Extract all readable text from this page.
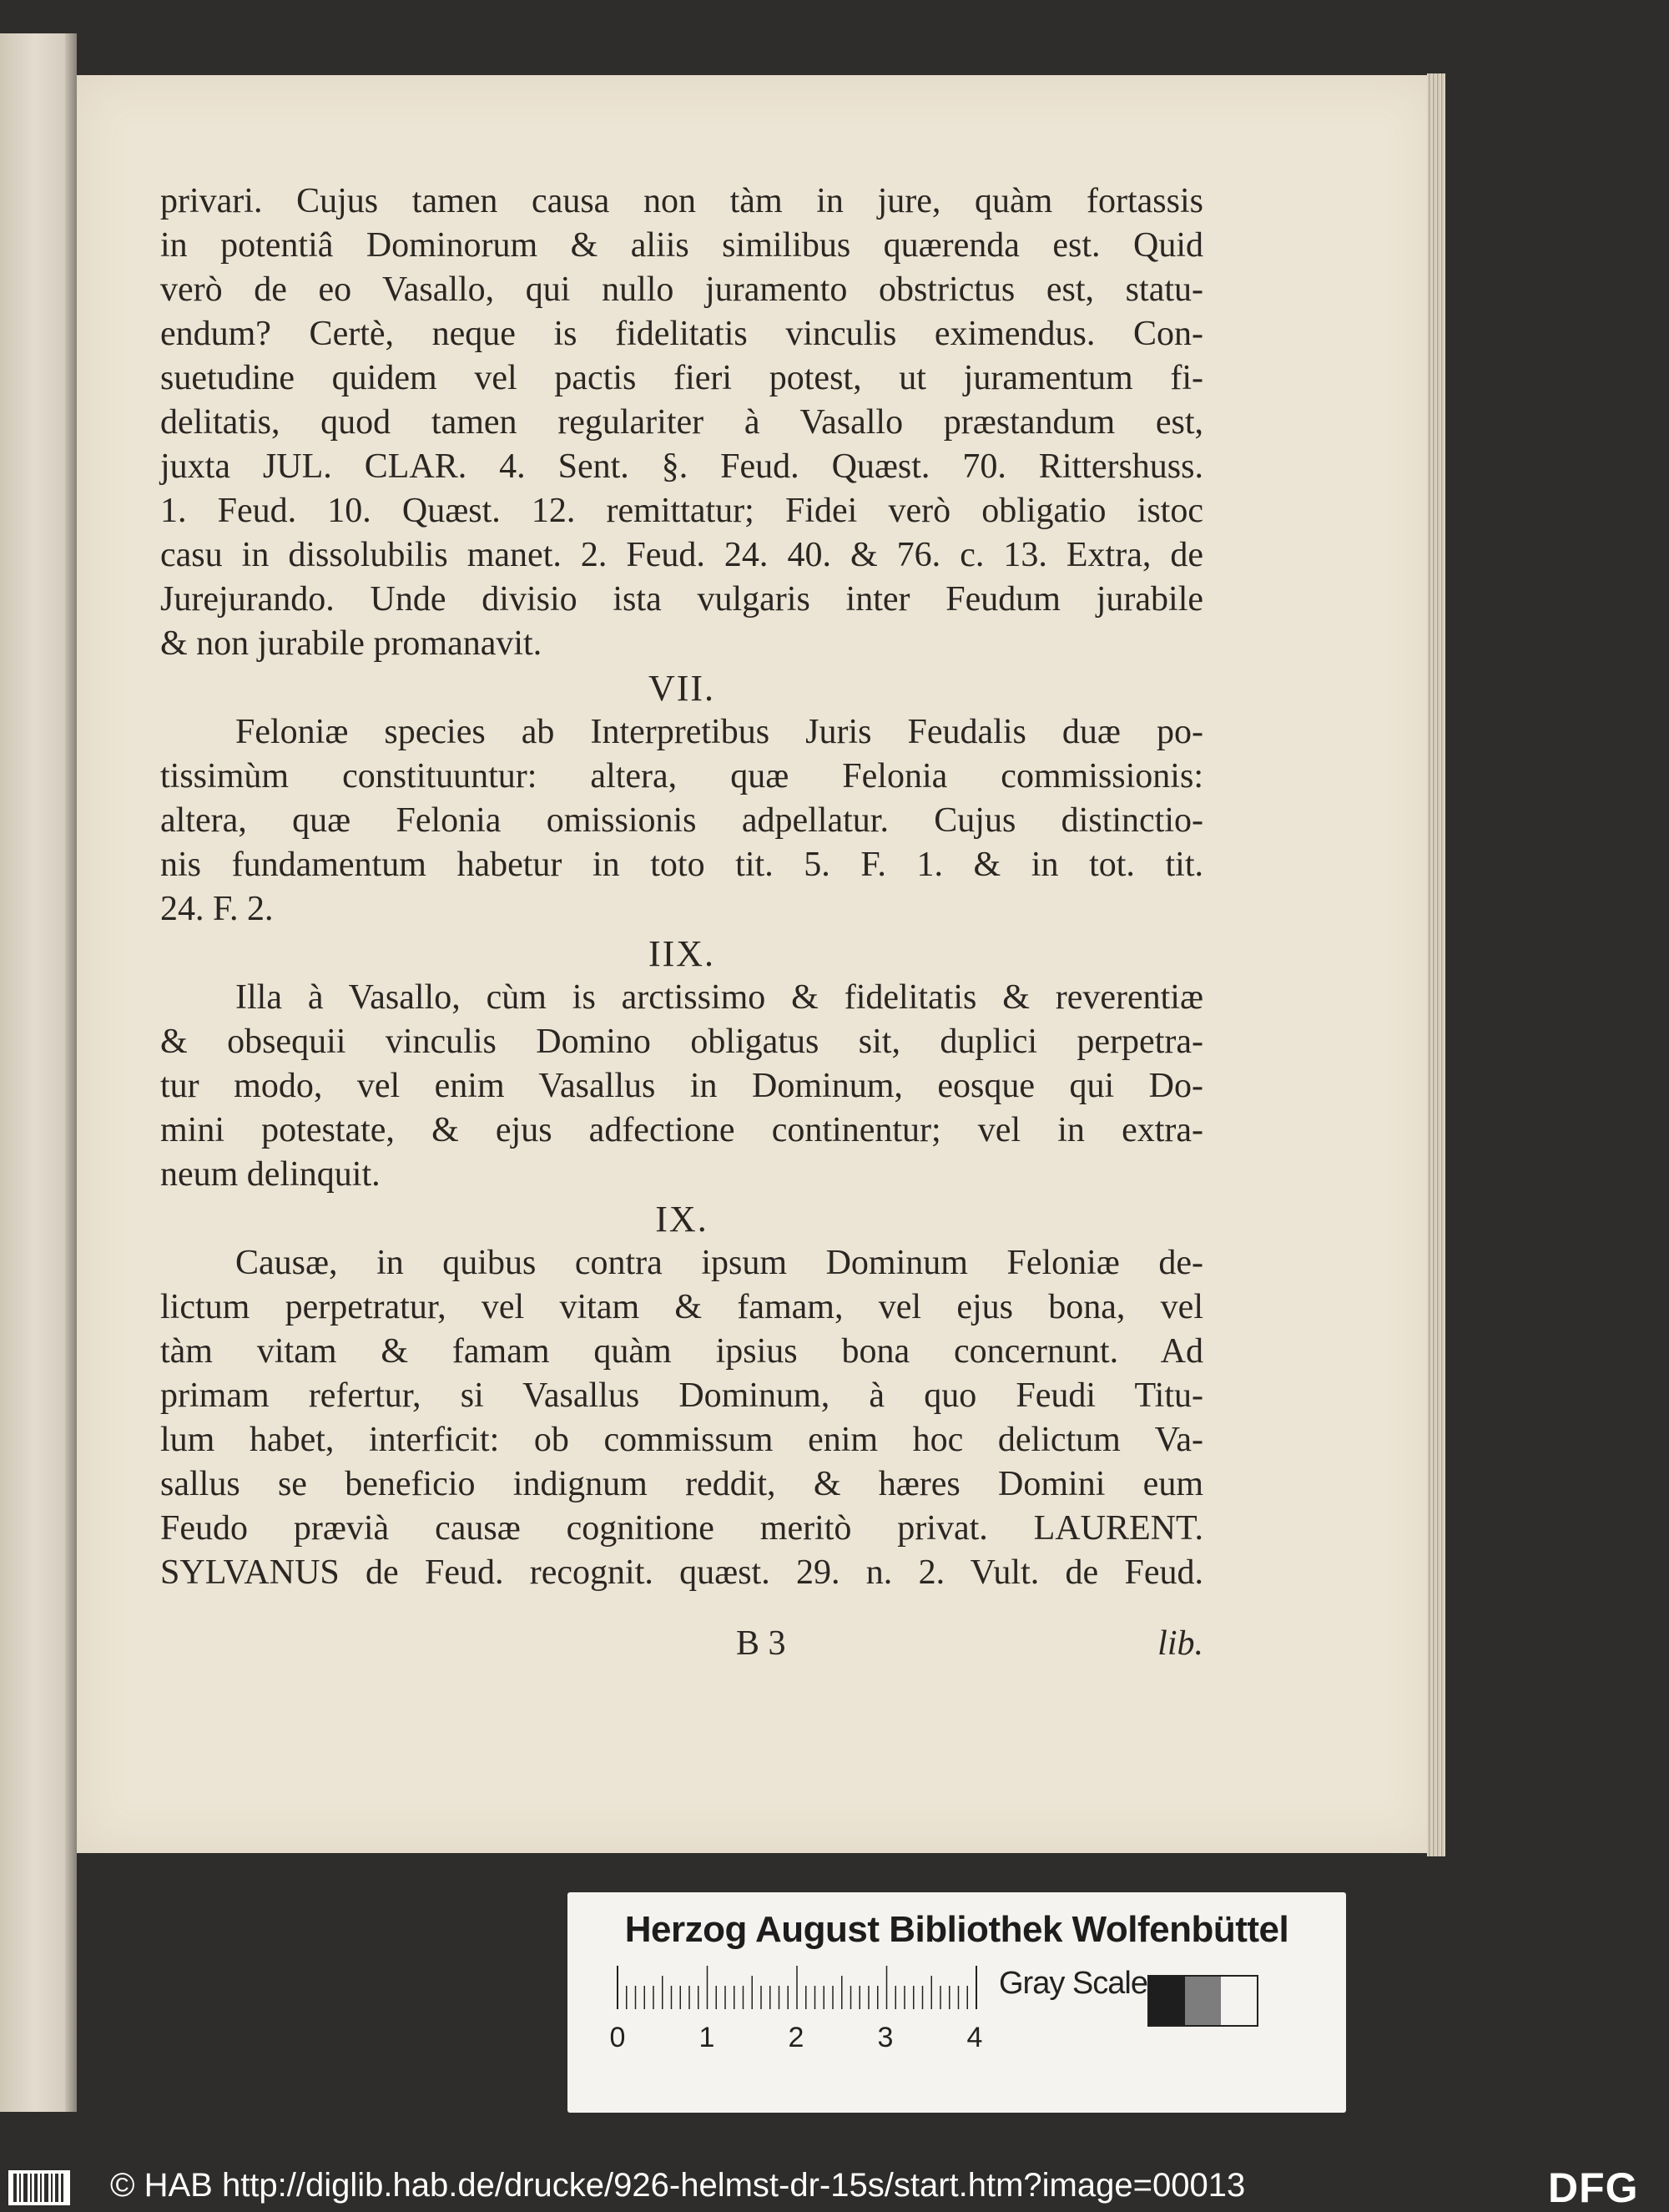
privari. Cujus tamen causa non tàm in jure, quàm fortassis
in potentiâ Dominorum & aliis similibus quærenda est. Quid
verò de eo Vasallo, qui nullo juramento obstrictus est, statu-
endum? Certè, neque is fidelitatis vinculis eximendus. Con-
suetudine quidem vel pactis fieri potest, ut juramentum fi-
delitatis, quod tamen regulariter à Vasallo præstandum est,
juxta JUL. CLAR. 4. Sent. §. Feud. Quæst. 70. Rittershuss.
1. Feud. 10. Quæst. 12. remittatur; Fidei verò obligatio istoc
casu in dissolubilis manet. 2. Feud. 24. 40. & 76. c. 13. Extra, de
Jurejurando. Unde divisio ista vulgaris inter Feudum jurabile
& non jurabile promanavit.
VII.
Feloniæ species ab Interpretibus Juris Feudalis duæ po-
tissimùm constituuntur: altera, quæ Felonia commissionis:
altera, quæ Felonia omissionis adpellatur. Cujus distinctio-
nis fundamentum habetur in toto tit. 5. F. 1. & in tot. tit.
24. F. 2.
IIX.
Illa à Vasallo, cùm is arctissimo & fidelitatis & reverentiæ
& obsequii vinculis Domino obligatus sit, duplici perpetra-
tur modo, vel enim Vasallus in Dominum, eosque qui Do-
mini potestate, & ejus adfectione continentur; vel in extra-
neum delinquit.
IX.
Causæ, in quibus contra ipsum Dominum Feloniæ de-
lictum perpetratur, vel vitam & famam, vel ejus bona, vel
tàm vitam & famam quàm ipsius bona concernunt. Ad
primam refertur, si Vasallus Dominum, à quo Feudi Titu-
lum habet, interficit: ob commissum enim hoc delictum Va-
sallus se beneficio indignum reddit, & hæres Domini eum
Feudo prævià causæ cognitione meritò privat. LAURENT.
SYLVANUS de Feud. recognit. quæst. 29. n. 2. Vult. de Feud.
B 3	lib.
Herzog August Bibliothek Wolfenbüttel
0	1	2	3	4
Gray Scale
© HAB http://diglib.hab.de/drucke/926-helmst-dr-15s/start.htm?image=00013	DFG
